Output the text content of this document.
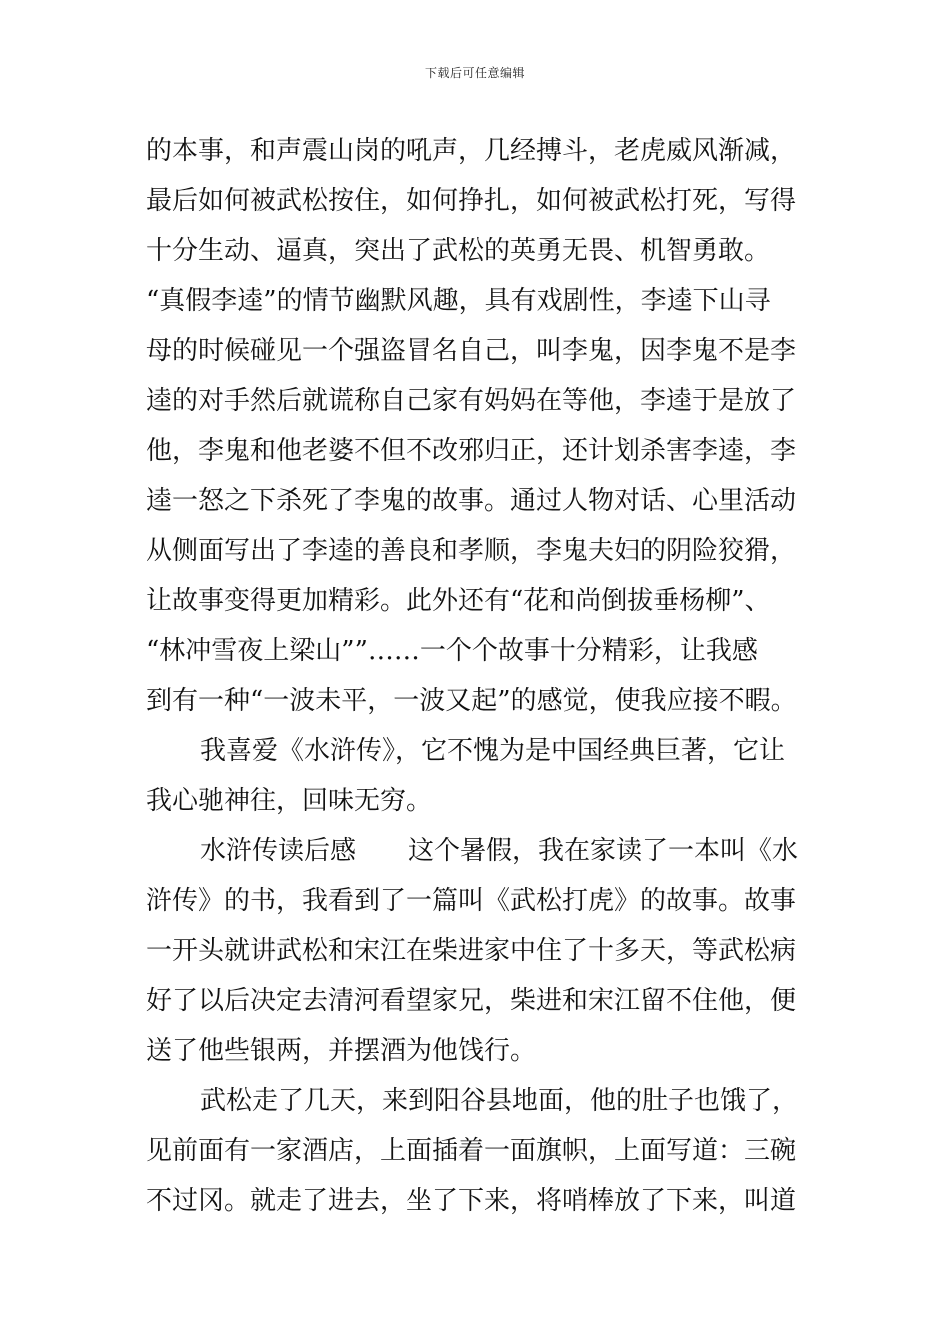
下载后可任意编辑
的本事，和声震山岗的吼声，几经搏斗，老虎威风渐减，
最后如何被武松按住，如何挣扎，如何被武松打死，写得
十分生动、逼真，突出了武松的英勇无畏、机智勇敢。
“真假李逵”的情节幽默风趣，具有戏剧性，李逵下山寻
母的时候碰见一个强盗冒名自己，叫李鬼，因李鬼不是李
逵的对手然后就谎称自己家有妈妈在等他，李逵于是放了
他，李鬼和他老婆不但不改邪归正，还计划杀害李逵，李
逵一怒之下杀死了李鬼的故事。通过人物对话、心里活动
从侧面写出了李逵的善良和孝顺，李鬼夫妇的阴险狡猾，
让故事变得更加精彩。此外还有“花和尚倒拔垂杨柳”、
“林冲雪夜上梁山””……一个个故事十分精彩，让我感
到有一种“一波未平，一波又起”的感觉，使我应接不暇。
我喜爱《水浒传》，它不愧为是中国经典巨著，它让
我心驰神往，回味无穷。
水浒传读后感　　这个暑假，我在家读了一本叫《水
浒传》的书，我看到了一篇叫《武松打虎》的故事。故事
一开头就讲武松和宋江在柴进家中住了十多天，等武松病
好了以后决定去清河看望家兄，柴进和宋江留不住他，便
送了他些银两，并摆酒为他饯行。
武松走了几天，来到阳谷县地面，他的肚子也饿了，
见前面有一家酒店，上面插着一面旗帜，上面写道：三碗
不过冈。就走了进去，坐了下来，将哨棒放了下来，叫道
